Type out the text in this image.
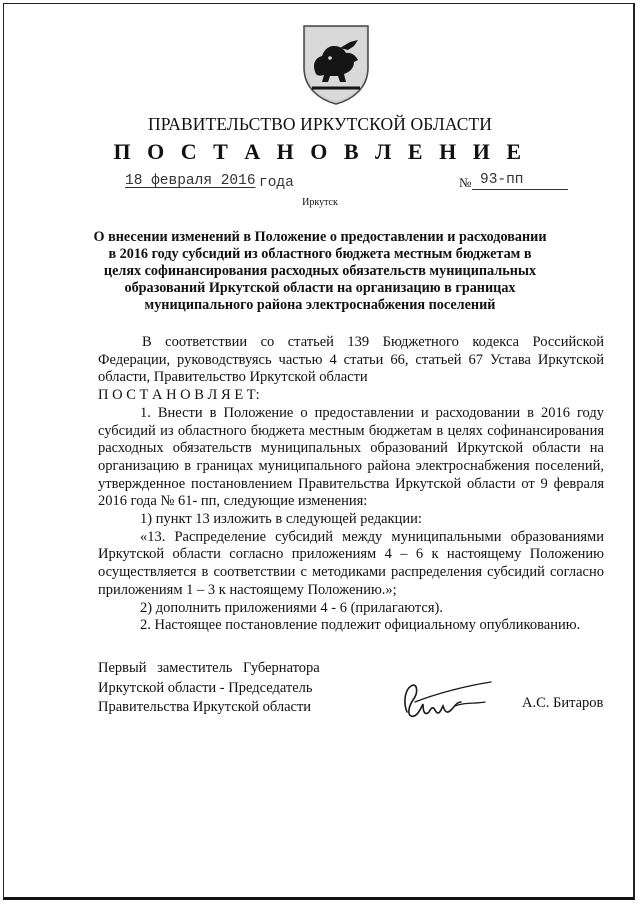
ПРАВИТЕЛЬСТВО ИРКУТСКОЙ ОБЛАСТИ
П О С Т А Н О В Л Е Н И Е
18 февраля 2016 года	№ 93-пп
Иркутск
О внесении изменений в Положение о предоставлении и расходовании в 2016 году субсидий из областного бюджета местным бюджетам в целях софинансирования расходных обязательств муниципальных образований Иркутской области на организацию в границах муниципального района электроснабжения поселений

В соответствии со статьей 139 Бюджетного кодекса Российской Федерации, руководствуясь частью 4 статьи 66, статьей 67 Устава Иркутской области, Правительство Иркутской области

П О С Т А Н О В Л Я Е Т:

1. Внести в Положение о предоставлении и расходовании в 2016 году субсидий из областного бюджета местным бюджетам в целях софинансирования расходных обязательств муниципальных образований Иркутской области на организацию в границах муниципального района электроснабжения поселений, утвержденное постановлением Правительства Иркутской области от 9 февраля 2016 года № 61- пп, следующие изменения:

1) пункт 13 изложить в следующей редакции:

«13. Распределение субсидий между муниципальными образованиями Иркутской области согласно приложениям 4 – 6 к настоящему Положению осуществляется в соответствии с методиками распределения субсидий согласно приложениям 1 – 3 к настоящему Положению.»;

2) дополнить приложениями 4 - 6 (прилагаются).

2. Настоящее постановление подлежит официальному опубликованию.

Первый заместитель Губернатора
Иркутской области - Председатель
Правительства Иркутской области	А.С. Битаров
